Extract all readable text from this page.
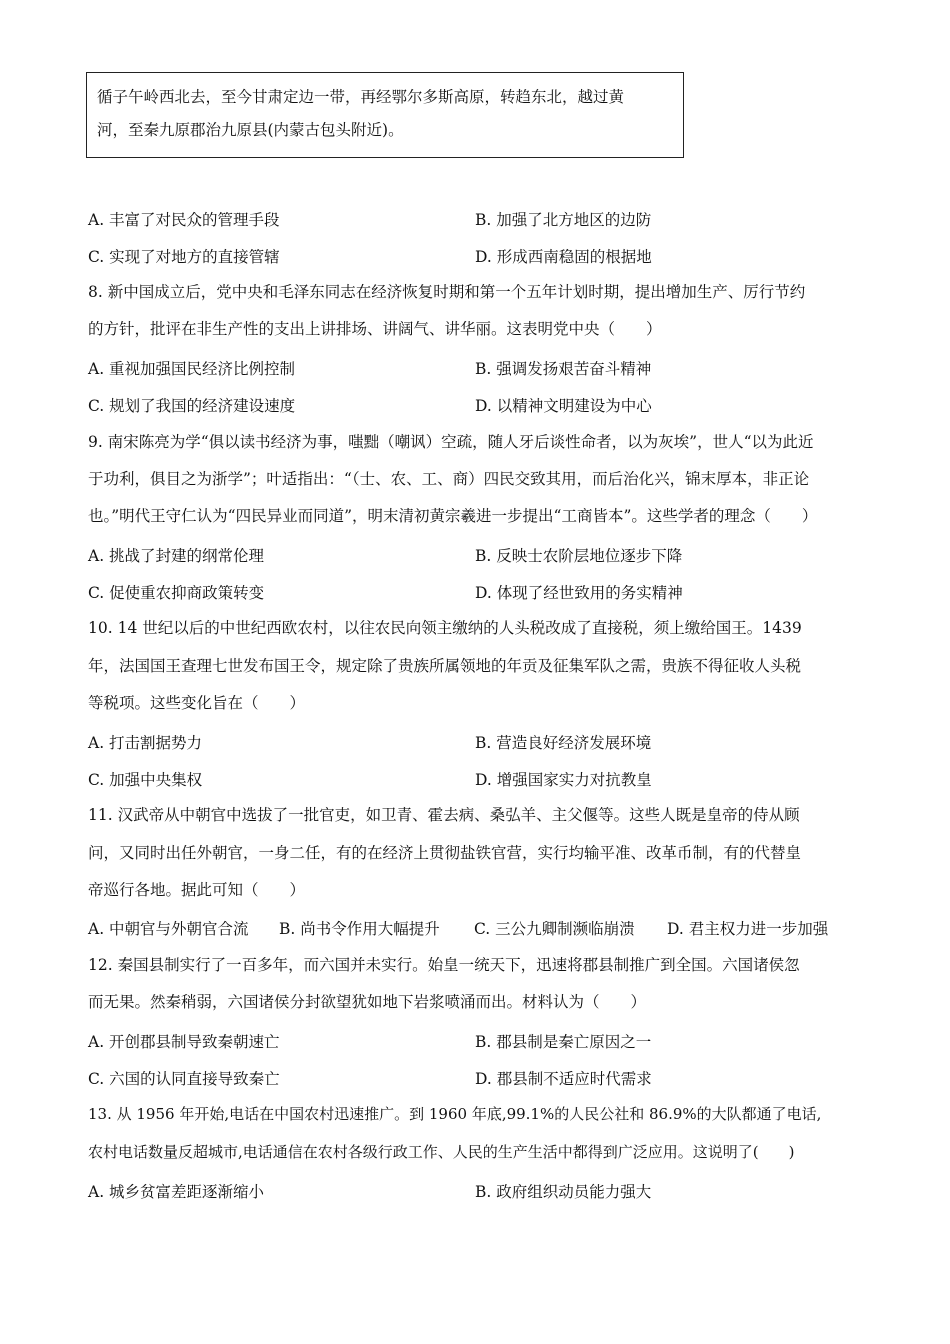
循子午岭西北去，至今甘肃定边一带，再经鄂尔多斯高原，转趋东北，越过黄

河，至秦九原郡治九原县(内蒙古包头附近)。

A. 丰富了对民众的管理手段	B. 加强了北方地区的边防
C. 实现了对地方的直接管辖	D. 形成西南稳固的根据地
8. 新中国成立后，党中央和毛泽东同志在经济恢复时期和第一个五年计划时期，提出增加生产、厉行节约
的方针，批评在非生产性的支出上讲排场、讲阔气、讲华丽。这表明党中央（　　）
A. 重视加强国民经济比例控制	B. 强调发扬艰苦奋斗精神
C. 规划了我国的经济建设速度	D. 以精神文明建设为中心
9. 南宋陈亮为学“俱以读书经济为事，嗤黜（嘲讽）空疏，随人牙后谈性命者，以为灰埃”，世人“以为此近
于功利，俱目之为浙学”；叶适指出：“（士、农、工、商）四民交致其用，而后治化兴，锦末厚本，非正论
也。”明代王守仁认为“四民异业而同道”，明末清初黄宗羲进一步提出“工商皆本”。这些学者的理念（　　）
A. 挑战了封建的纲常伦理	B. 反映士农阶层地位逐步下降
C. 促使重农抑商政策转变	D. 体现了经世致用的务实精神
10. 14 世纪以后的中世纪西欧农村，以往农民向领主缴纳的人头税改成了直接税，须上缴给国王。1439
年，法国国王查理七世发布国王令，规定除了贵族所属领地的年贡及征集军队之需，贵族不得征收人头税
等税项。这些变化旨在（　　）
A. 打击割据势力	B. 营造良好经济发展环境
C. 加强中央集权	D. 增强国家实力对抗教皇
11. 汉武帝从中朝官中选拔了一批官吏，如卫青、霍去病、桑弘羊、主父偃等。这些人既是皇帝的侍从顾
问，又同时出任外朝官，一身二任，有的在经济上贯彻盐铁官营，实行均输平准、改革币制，有的代替皇
帝巡行各地。据此可知（　　）
A. 中朝官与外朝官合流 B. 尚书令作用大幅提升 C. 三公九卿制濒临崩溃 D. 君主权力进一步加强
12. 秦国县制实行了一百多年，而六国并未实行。始皇一统天下，迅速将郡县制推广到全国。六国诸侯忽
而无果。然秦稍弱，六国诸侯分封欲望犹如地下岩浆喷涌而出。材料认为（　　）
A. 开创郡县制导致秦朝速亡	B. 郡县制是秦亡原因之一
C. 六国的认同直接导致秦亡	D. 郡县制不适应时代需求
13. 从 1956 年开始,电话在中国农村迅速推广。到 1960 年底,99.1%的人民公社和 86.9%的大队都通了电话,
农村电话数量反超城市,电话通信在农村各级行政工作、人民的生产生活中都得到广泛应用。这说明了(　　)
A. 城乡贫富差距逐渐缩小	B. 政府组织动员能力强大
